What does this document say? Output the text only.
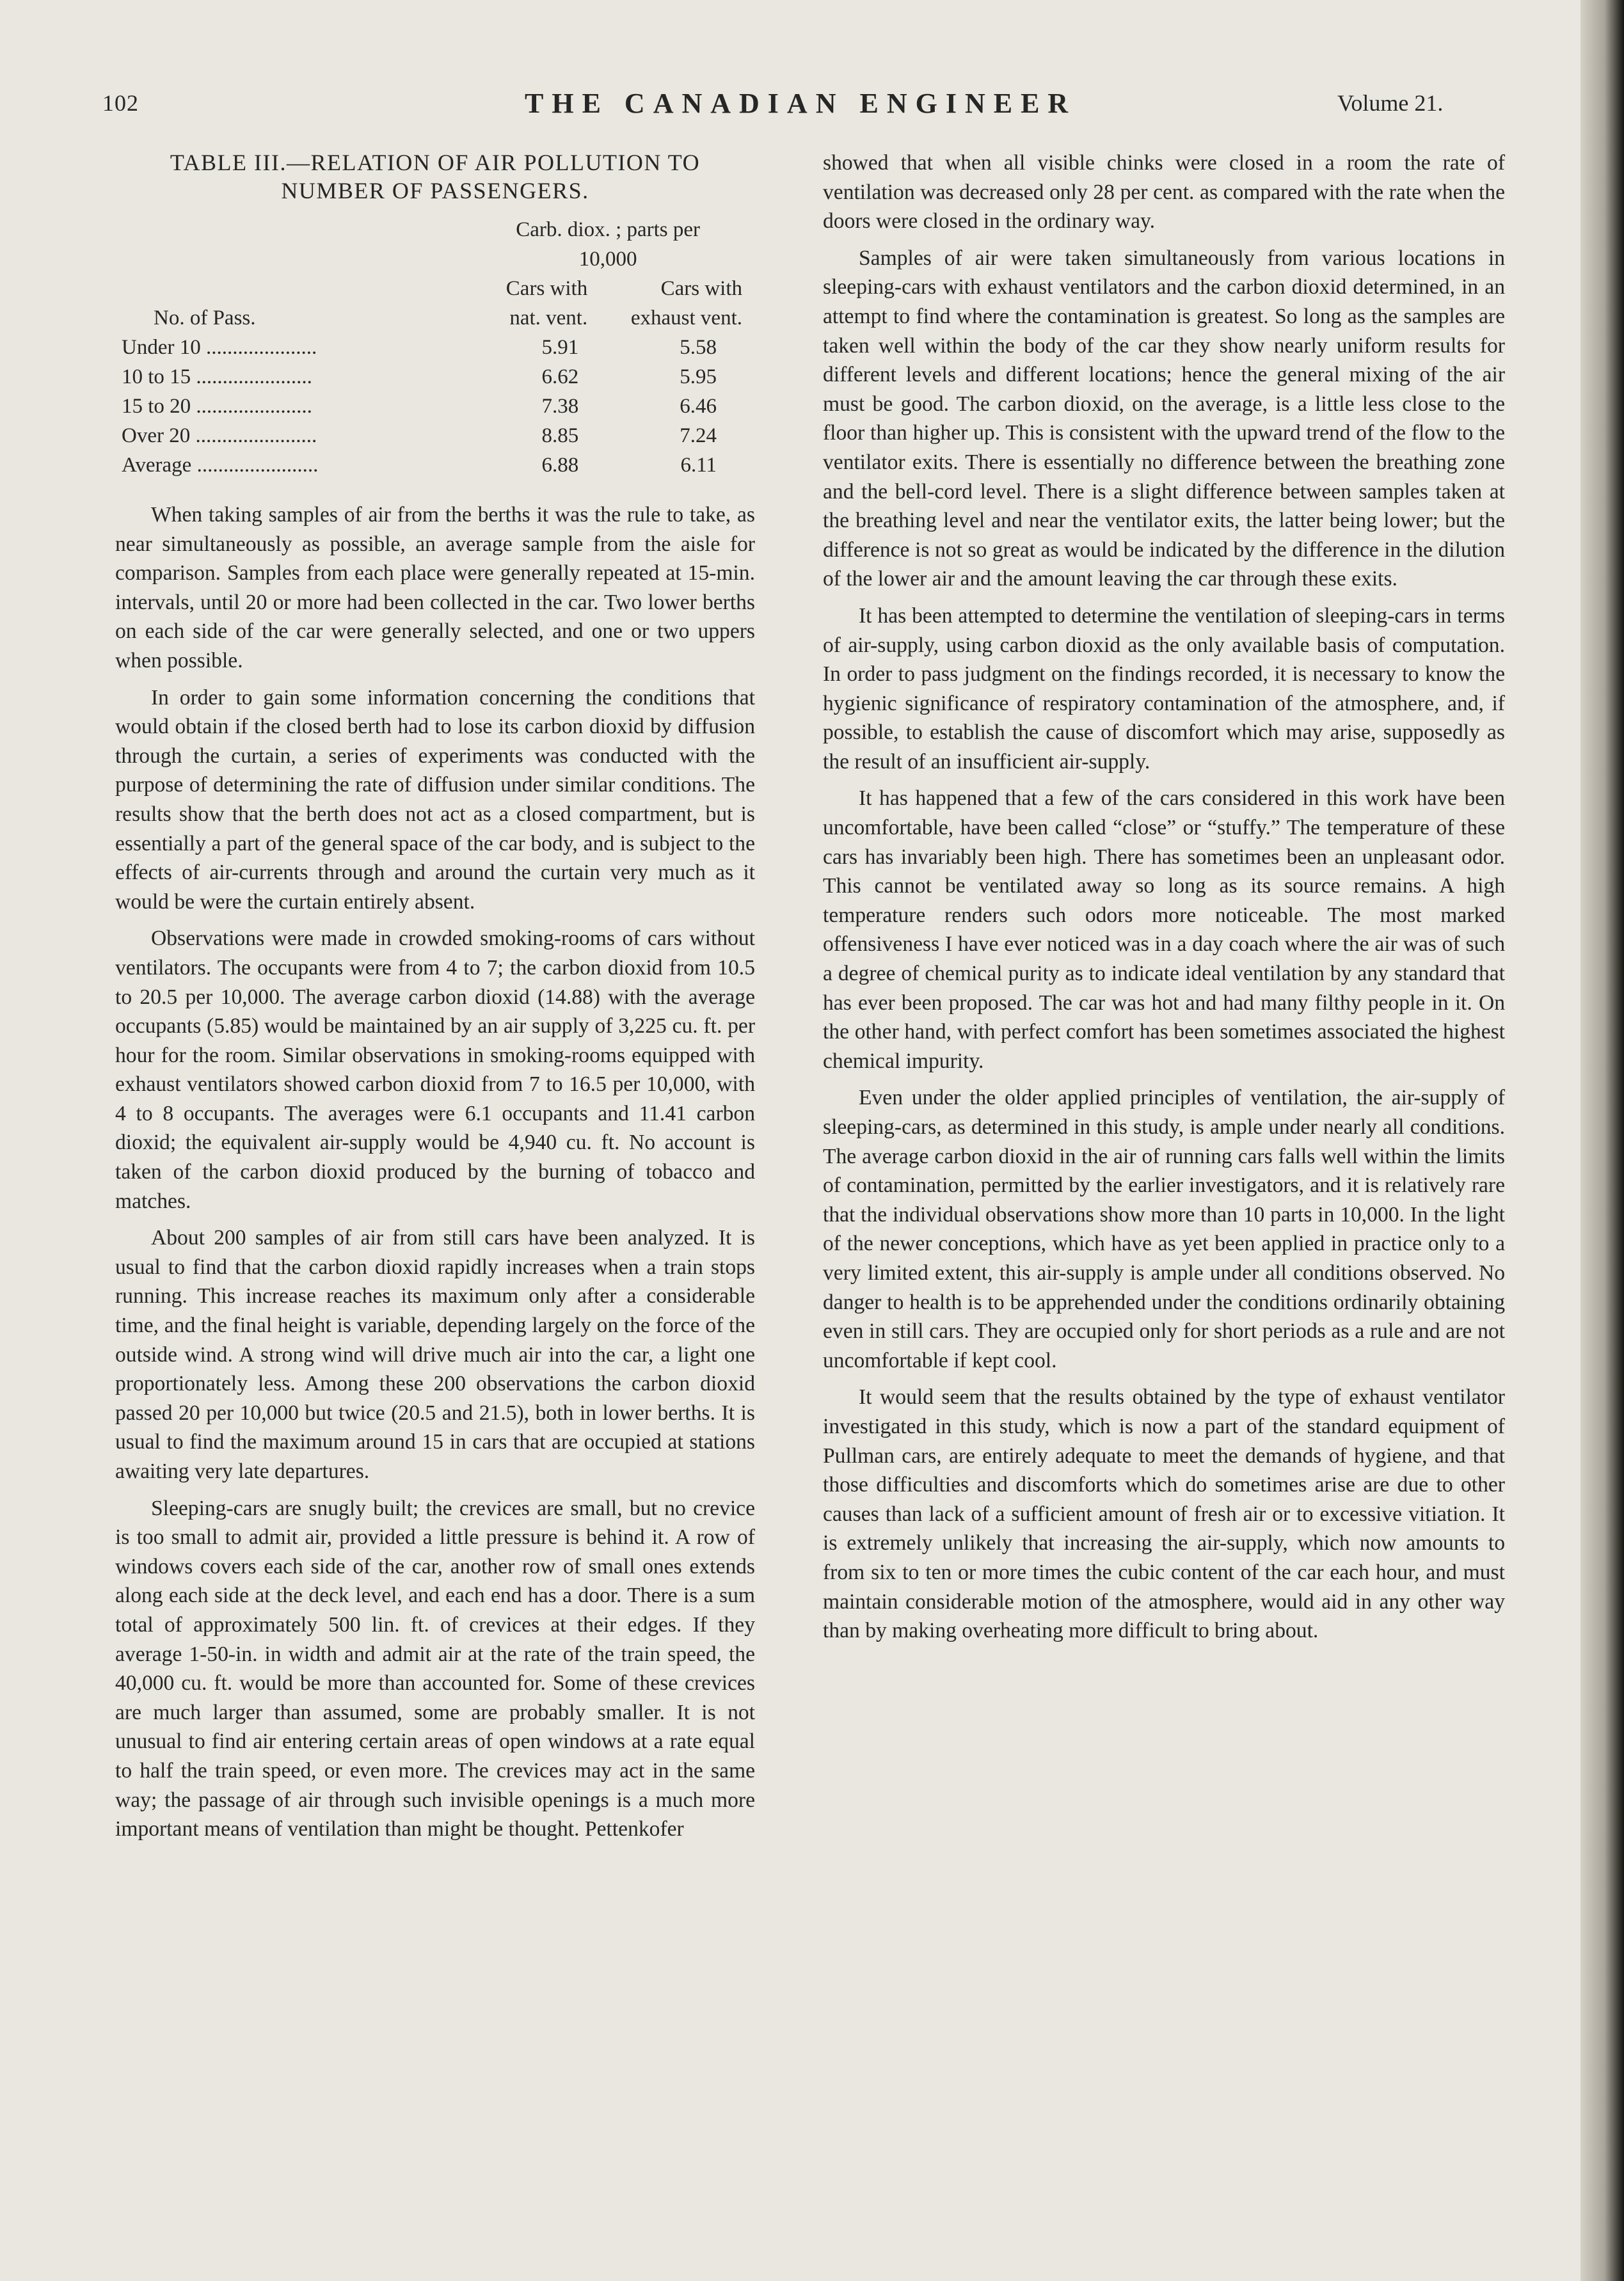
102	THE CANADIAN ENGINEER	Volume 21.
TABLE III.—RELATION OF AIR POLLUTION TO
NUMBER OF PASSENGERS.
	Carb. diox. ; parts per	
	10,000	
	Cars with	Cars with
No. of Pass.	nat. vent.	exhaust vent.
Under 10 .....................	5.91	5.58
10 to 15 ......................	6.62	5.95
15 to 20 ......................	7.38	6.46
Over 20 .......................	8.85	7.24
Average .......................	6.88	6.11

When taking samples of air from the berths it was the rule to take, as near simultaneously as possible, an average sample from the aisle for comparison. Samples from each place were generally repeated at 15-min. intervals, until 20 or more had been collected in the car. Two lower berths on each side of the car were generally selected, and one or two uppers when possible.

In order to gain some information concerning the conditions that would obtain if the closed berth had to lose its carbon dioxid by diffusion through the curtain, a series of experiments was conducted with the purpose of determining the rate of diffusion under similar conditions. The results show that the berth does not act as a closed compartment, but is essentially a part of the general space of the car body, and is subject to the effects of air-currents through and around the curtain very much as it would be were the curtain entirely absent.

Observations were made in crowded smoking-rooms of cars without ventilators. The occupants were from 4 to 7; the carbon dioxid from 10.5 to 20.5 per 10,000. The average carbon dioxid (14.88) with the average occupants (5.85) would be maintained by an air supply of 3,225 cu. ft. per hour for the room. Similar observations in smoking-rooms equipped with exhaust ventilators showed carbon dioxid from 7 to 16.5 per 10,000, with 4 to 8 occupants. The averages were 6.1 occupants and 11.41 carbon dioxid; the equivalent air-supply would be 4,940 cu. ft. No account is taken of the carbon dioxid produced by the burning of tobacco and matches.

About 200 samples of air from still cars have been analyzed. It is usual to find that the carbon dioxid rapidly increases when a train stops running. This increase reaches its maximum only after a considerable time, and the final height is variable, depending largely on the force of the outside wind. A strong wind will drive much air into the car, a light one proportionately less. Among these 200 observations the carbon dioxid passed 20 per 10,000 but twice (20.5 and 21.5), both in lower berths. It is usual to find the maximum around 15 in cars that are occupied at stations awaiting very late departures.

Sleeping-cars are snugly built; the crevices are small, but no crevice is too small to admit air, provided a little pressure is behind it. A row of windows covers each side of the car, another row of small ones extends along each side at the deck level, and each end has a door. There is a sum total of approximately 500 lin. ft. of crevices at their edges. If they average 1-50-in. in width and admit air at the rate of the train speed, the 40,000 cu. ft. would be more than accounted for. Some of these crevices are much larger than assumed, some are probably smaller. It is not unusual to find air entering certain areas of open windows at a rate equal to half the train speed, or even more. The crevices may act in the same way; the passage of air through such invisible openings is a much more important means of ventilation than might be thought. Pettenkofer

showed that when all visible chinks were closed in a room the rate of ventilation was decreased only 28 per cent. as compared with the rate when the doors were closed in the ordinary way.

Samples of air were taken simultaneously from various locations in sleeping-cars with exhaust ventilators and the carbon dioxid determined, in an attempt to find where the contamination is greatest. So long as the samples are taken well within the body of the car they show nearly uniform results for different levels and different locations; hence the general mixing of the air must be good. The carbon dioxid, on the average, is a little less close to the floor than higher up. This is consistent with the upward trend of the flow to the ventilator exits. There is essentially no difference between the breathing zone and the bell-cord level. There is a slight difference between samples taken at the breathing level and near the ventilator exits, the latter being lower; but the difference is not so great as would be indicated by the difference in the dilution of the lower air and the amount leaving the car through these exits.

It has been attempted to determine the ventilation of sleeping-cars in terms of air-supply, using carbon dioxid as the only available basis of computation. In order to pass judgment on the findings recorded, it is necessary to know the hygienic significance of respiratory contamination of the atmosphere, and, if possible, to establish the cause of discomfort which may arise, supposedly as the result of an insufficient air-supply.

It has happened that a few of the cars considered in this work have been uncomfortable, have been called “close” or “stuffy.” The temperature of these cars has invariably been high. There has sometimes been an unpleasant odor. This cannot be ventilated away so long as its source remains. A high temperature renders such odors more noticeable. The most marked offensiveness I have ever noticed was in a day coach where the air was of such a degree of chemical purity as to indicate ideal ventilation by any standard that has ever been proposed. The car was hot and had many filthy people in it. On the other hand, with perfect comfort has been sometimes associated the highest chemical impurity.

Even under the older applied principles of ventilation, the air-supply of sleeping-cars, as determined in this study, is ample under nearly all conditions. The average carbon dioxid in the air of running cars falls well within the limits of contamination, permitted by the earlier investigators, and it is relatively rare that the individual observations show more than 10 parts in 10,000. In the light of the newer conceptions, which have as yet been applied in practice only to a very limited extent, this air-supply is ample under all conditions observed. No danger to health is to be apprehended under the conditions ordinarily obtaining even in still cars. They are occupied only for short periods as a rule and are not uncomfortable if kept cool.

It would seem that the results obtained by the type of exhaust ventilator investigated in this study, which is now a part of the standard equipment of Pullman cars, are entirely adequate to meet the demands of hygiene, and that those difficulties and discomforts which do sometimes arise are due to other causes than lack of a sufficient amount of fresh air or to excessive vitiation. It is extremely unlikely that increasing the air-supply, which now amounts to from six to ten or more times the cubic content of the car each hour, and must maintain considerable motion of the atmosphere, would aid in any other way than by making overheating more difficult to bring about.
